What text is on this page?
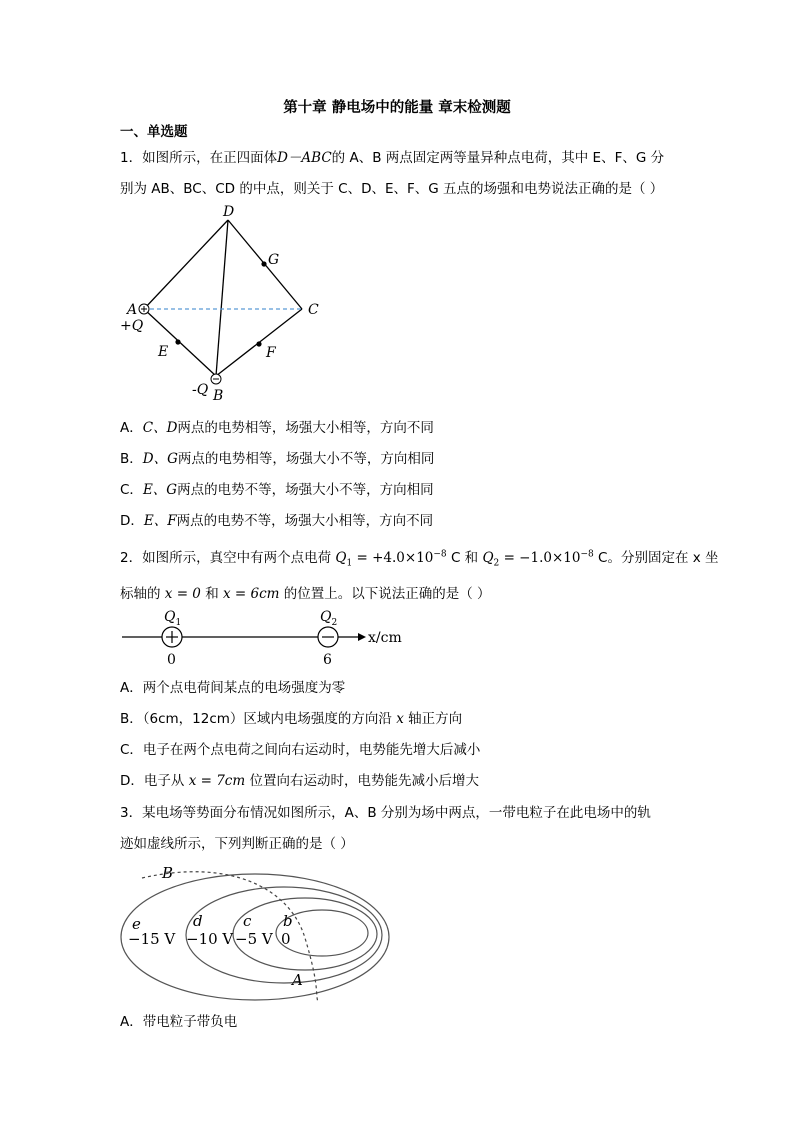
第十章 静电场中的能量 章末检测题
一、单选题
1．如图所示，在正四面体D－ABC的 A、B 两点固定两等量异种点电荷，其中 E、F、G 分
别为 AB、BC、CD 的中点，则关于 C、D、E、F、G 五点的场强和电势说法正确的是（ ）
D
G
A	C
+Q
E	F
-Q B
A．C、D两点的电势相等，场强大小相等，方向不同
B．D、G两点的电势相等，场强大小不等，方向相同
C．E、G两点的电势不等，场强大小不等，方向相同
D．E、F两点的电势不等，场强大小相等，方向不同
2．如图所示，真空中有两个点电荷 $Q_1 = +4.0\times 10^{-8}$ C 和 $Q_2 = -1.0\times 10^{-8}$ C。分别固定在 x 坐
标轴的 x = 0 和 x = 6cm 的位置上。以下说法正确的是（ ）
$Q_1$	$Q_2$
x/cm
0	6
A．两个点电荷间某点的电场强度为零
B．（6cm，12cm）区域内电场强度的方向沿 x 轴正方向
C．电子在两个点电荷之间向右运动时，电势能先增大后减小
D．电子从 x = 7cm 位置向右运动时，电势能先减小后增大
3．某电场等势面分布情况如图所示，A、B 分别为场中两点，一带电粒子在此电场中的轨
迹如虚线所示，下列判断正确的是（ ）
B
A
e	d	c b
−15 V −10 V −5 V 0
A．带电粒子带负电
